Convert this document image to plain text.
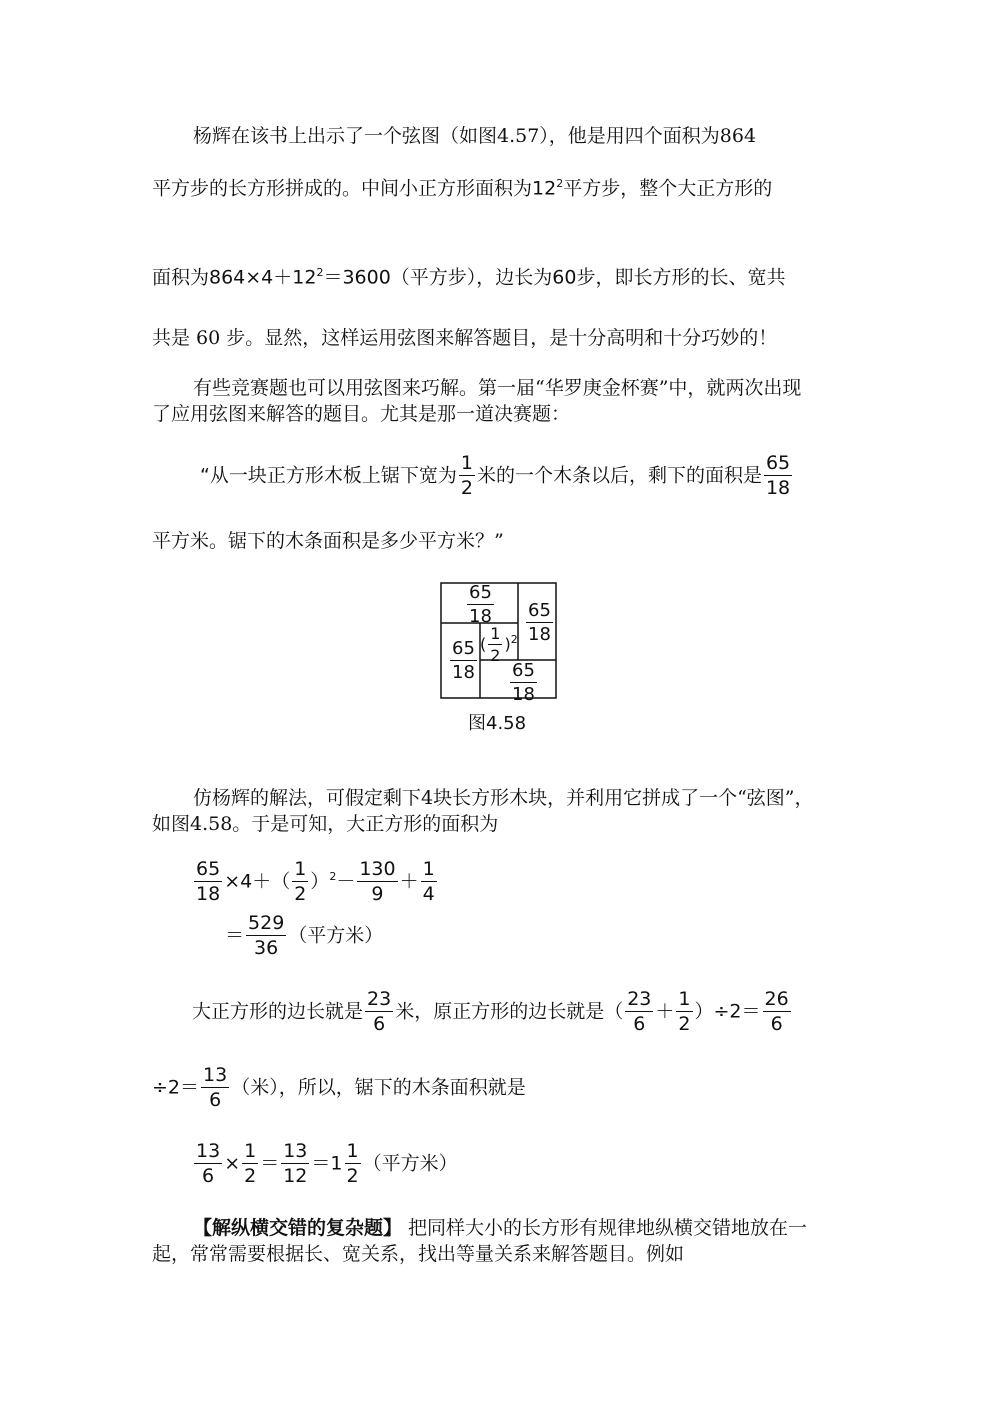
杨辉在该书上出示了一个弦图（如图4.57），他是用四个面积为864
平方步的长方形拼成的。中间小正方形面积为$12^2$平方步，整个大正方形的
面积为$864\times 4+12^2=3600$（平方步），边长为60步，即长方形的长、宽共
共是 60 步。显然，这样运用弦图来解答题目，是十分高明和十分巧妙的！
有些竞赛题也可以用弦图来巧解。第一届“华罗庚金杯赛”中，就两次出现
了应用弦图来解答的题目。尤其是那一道决赛题：
“从一块正方形木板上锯下宽为 $\frac{1}{2}$ 米的一个木条以后，剩下的面积是 $\frac{65}{18}$
平方米。锯下的木条面积是多少平方米？”
$\frac{65}{18} \frac{65}{18}$
$\frac{65}{18}$
$\frac{65}{18}$
( $\frac{1}{2} )^2$
图4.58
仿杨辉的解法，可假定剩下4块长方形木块，并利用它拼成了一个“弦图”，
如图4.58。于是可知，大正方形的面积为
$\frac{65}{18} \times 4+( \frac{1}{2} )^2- \frac{130}{9} + \frac{1}{4}$
＝ $\frac{529}{36}$ （平方米）
大正方形的边长就是 $\frac{23}{6}$ 米，原正方形的边长就是（ $\frac{23}{6} + \frac{1}{2} )\div 2= \frac{26}{6}$
$\div 2= \frac{13}{6}$ （米），所以，锯下的木条面积就是
$\frac{13}{6} \times \frac{1}{2} = \frac{13}{12} =1 \frac{1}{2}$ （平方米）
【解纵横交错的复杂题】 把同样大小的长方形有规律地纵横交错地放在一
起，常常需要根据长、宽关系，找出等量关系来解答题目。例如
